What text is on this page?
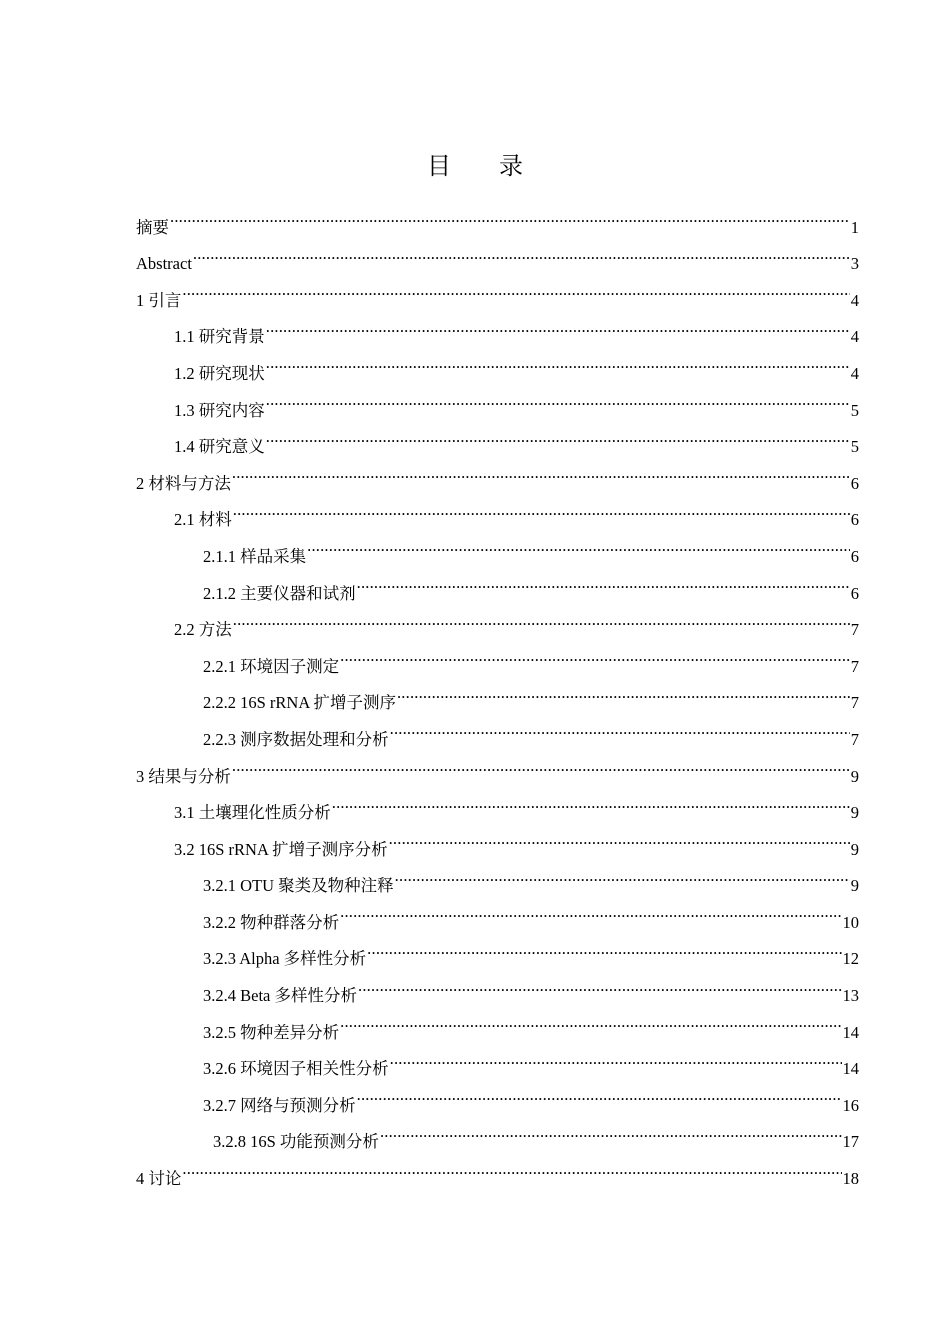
目 录
摘要 .....	1
Abstract .....	3
1 引言 .....	4
1.1 研究背景 .....	4
1.2 研究现状 .....	4
1.3 研究内容 .....	5
1.4 研究意义 .....	5
2 材料与方法 .....	6
2.1 材料 .....	6
2.1.1 样品采集 .....	6
2.1.2 主要仪器和试剂 .....	6
2.2 方法 .....	7
2.2.1 环境因子测定 .....	7
2.2.2 16S rRNA 扩增子测序 .....	7
2.2.3 测序数据处理和分析 .....	7
3 结果与分析 .....	9
3.1 土壤理化性质分析 .....	9
3.2 16S rRNA 扩增子测序分析 .....	9
3.2.1 OTU 聚类及物种注释 .....	9
3.2.2 物种群落分析 .....	10
3.2.3 Alpha 多样性分析 .....	12
3.2.4 Beta 多样性分析 .....	13
3.2.5 物种差异分析 .....	14
3.2.6 环境因子相关性分析 .....	14
3.2.7 网络与预测分析 .....	16
3.2.8 16S 功能预测分析 .....	17
4 讨论 .....	18
